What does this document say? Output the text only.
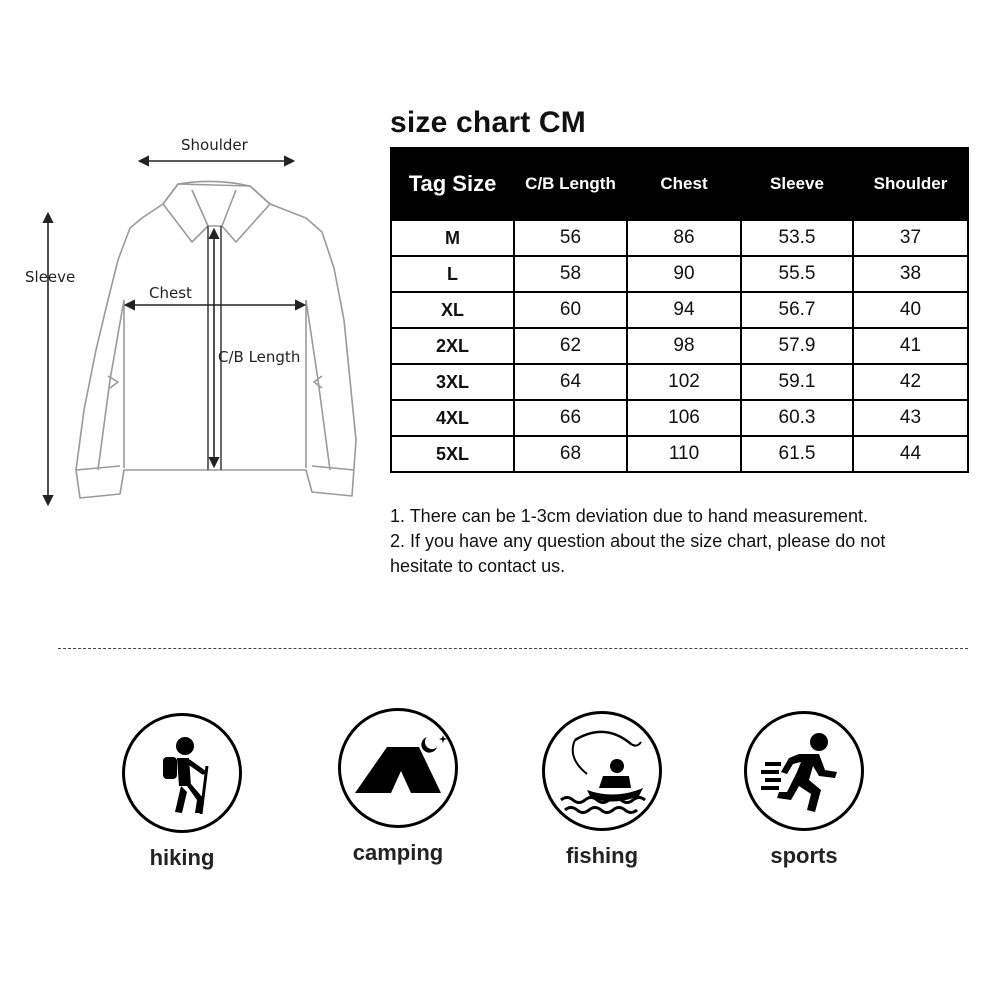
Shoulder
Sleeve
Chest
C/B Length
size chart CM
Tag Size	C/B Length	Chest	Sleeve	Shoulder
M	56	86	53.5	37
L	58	90	55.5	38
XL	60	94	56.7	40
2XL	62	98	57.9	41
3XL	64	102	59.1	42
4XL	66	106	60.3	43
5XL	68	110	61.5	44

1. There can be 1-3cm deviation due to hand measurement.

2. If you have any question about the size chart, please do not hesitate to contact us.

hiking	camping	fishing	sports
